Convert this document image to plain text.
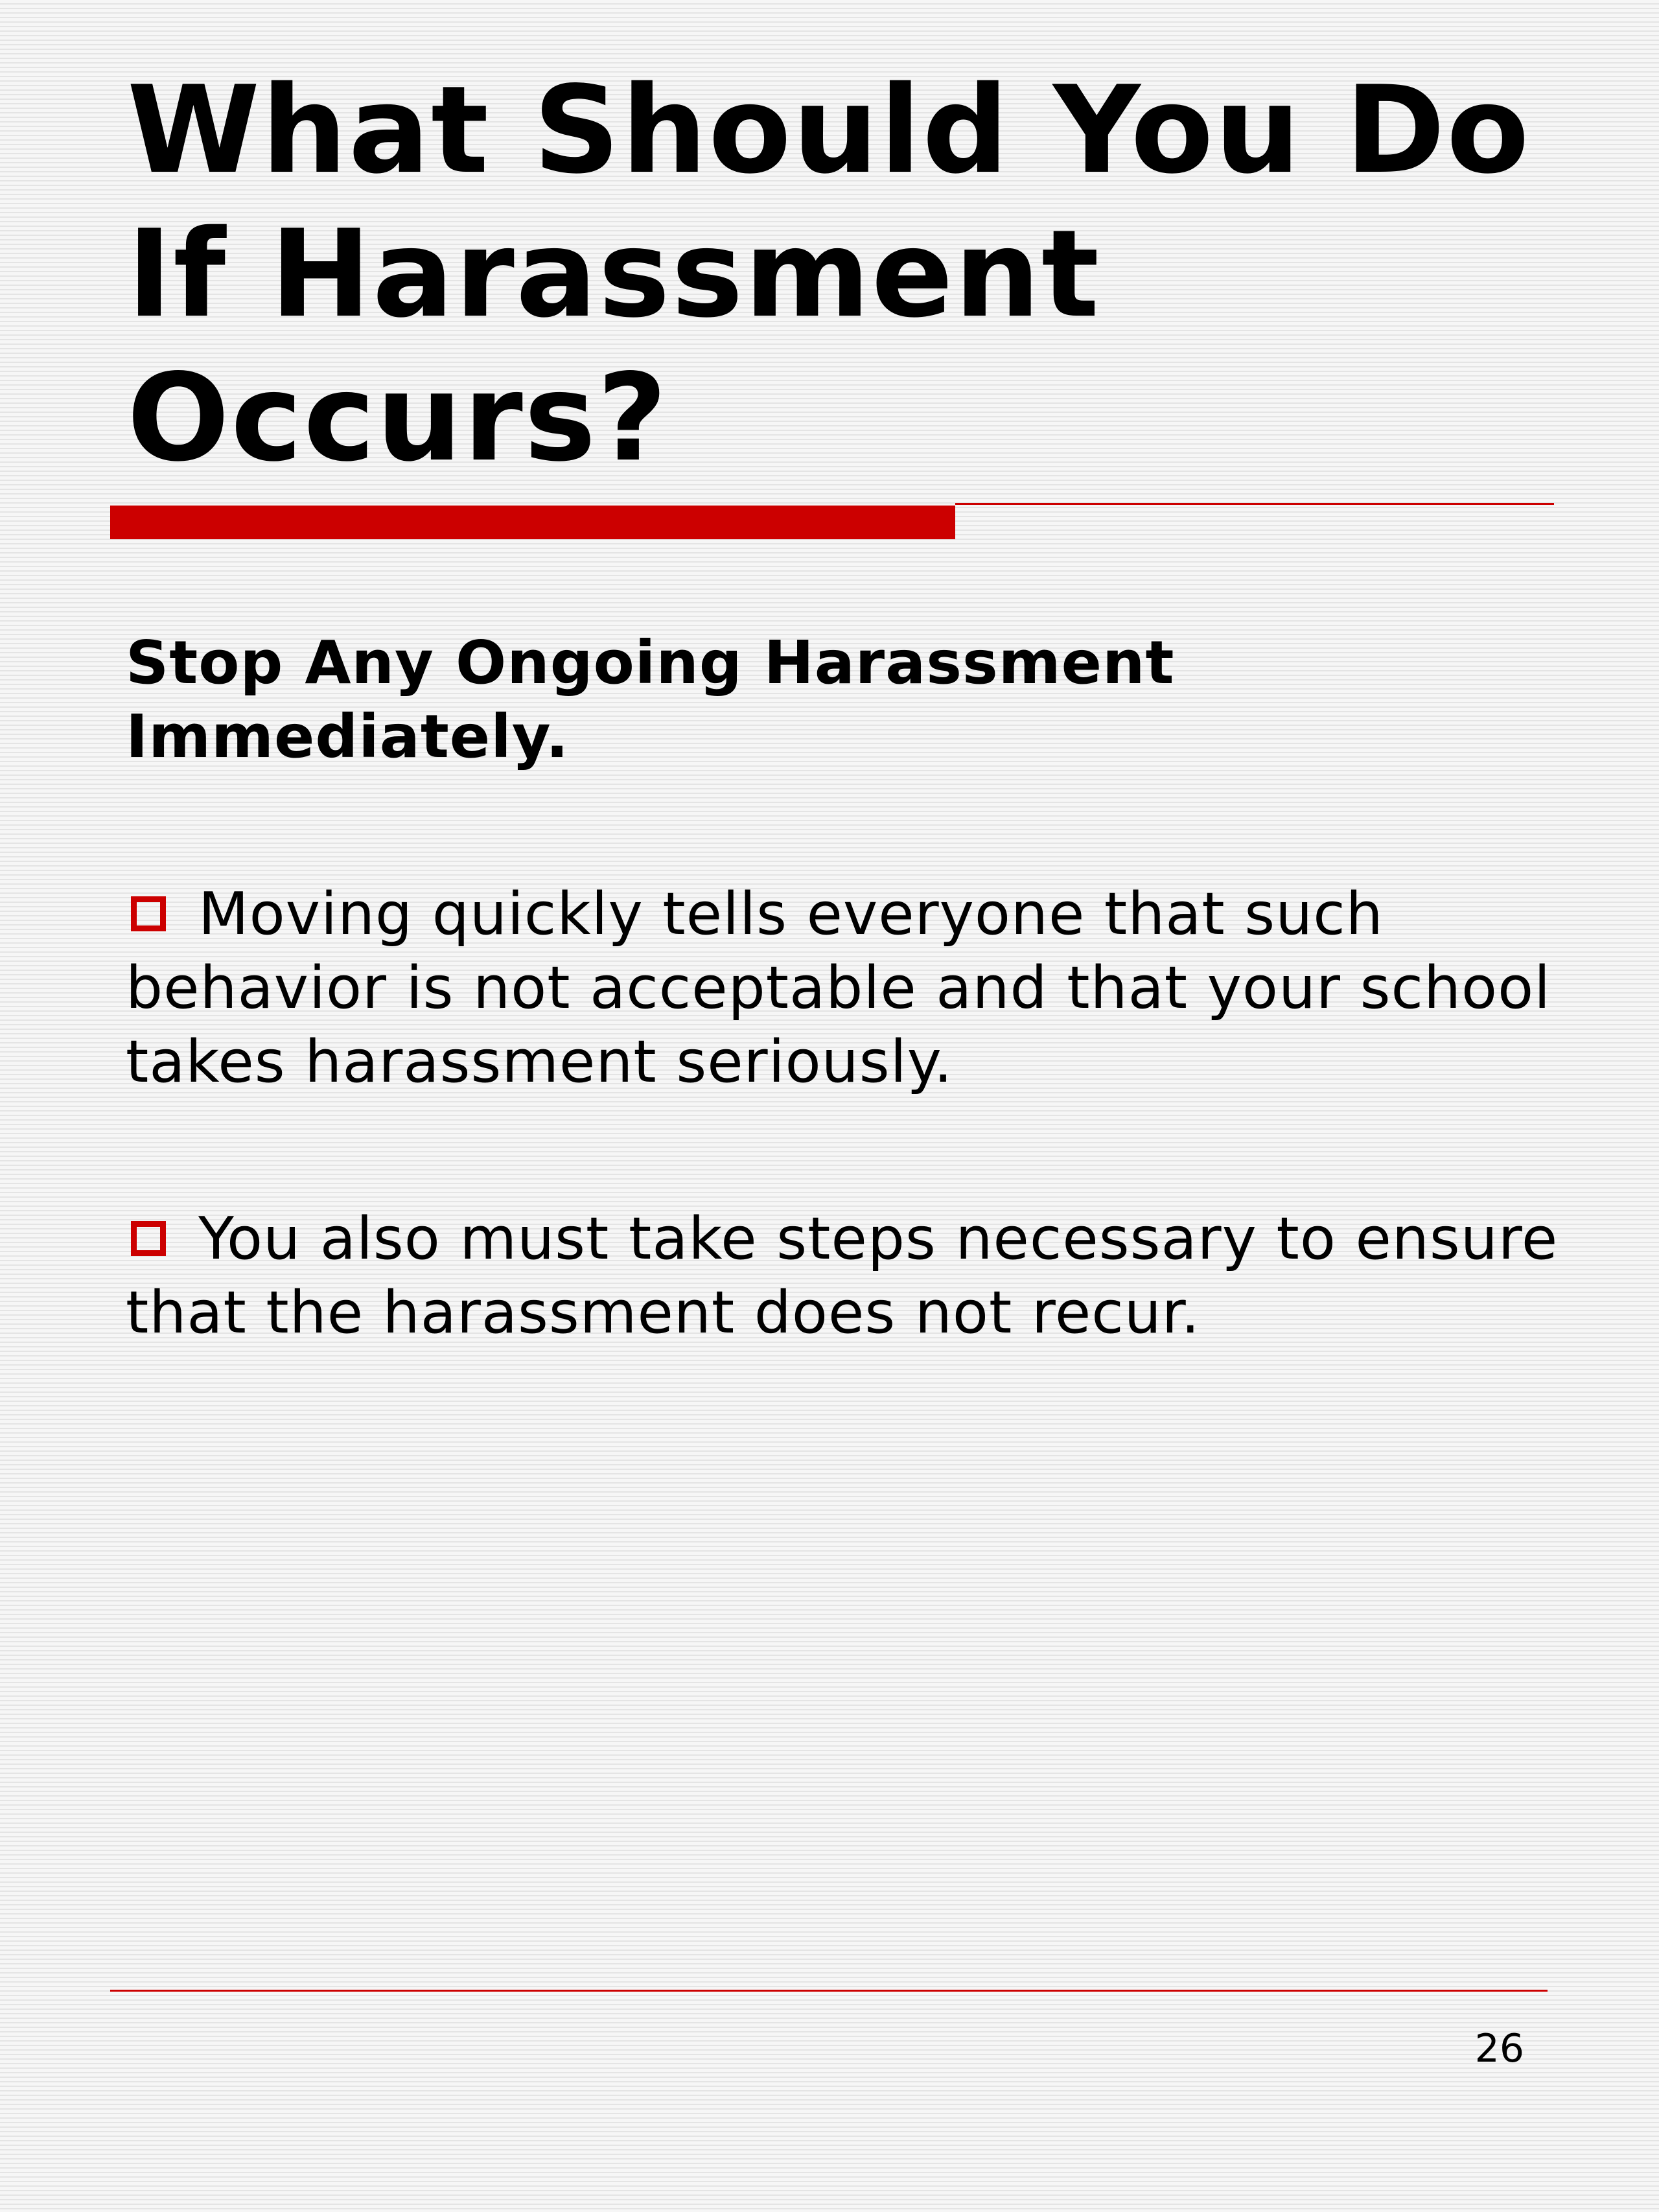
What Should You Do If Harassment Occurs?

Stop Any Ongoing Harassment Immediately.

Moving quickly tells everyone that such behavior is not acceptable and that your school takes harassment seriously.

You also must take steps necessary to ensure that the harassment does not recur.

26
